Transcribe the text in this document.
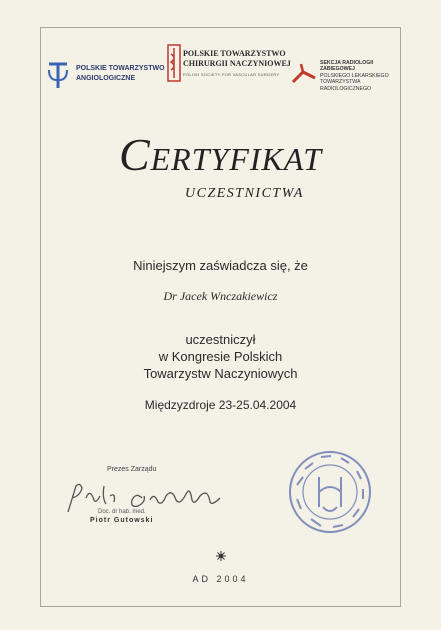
POLSKIE TOWARZYSTWO
ANGIOLOGICZNE
POLSKIE TOWARZYSTWO
CHIRURGII NACZYNIOWEJ
POLISH SOCIETY FOR VASCULAR SURGERY
SEKCJA RADIOLOGII
ZABIEGOWEJ
POLSKIEGO LEKARSKIEGO
TOWARZYSTWA
RADIOLOGICZNEGO
Certyfikat
UCZESTNICTWA
Niniejszym zaświadcza się, że
Dr Jacek Wnczakiewicz
uczestniczył
w Kongresie Polskich
Towarzystw Naczyniowych
Międzyzdroje 23-25.04.2004
Prezes Zarządu
Doc. dr hab. med.
Piotr Gutowski
AD 2004
